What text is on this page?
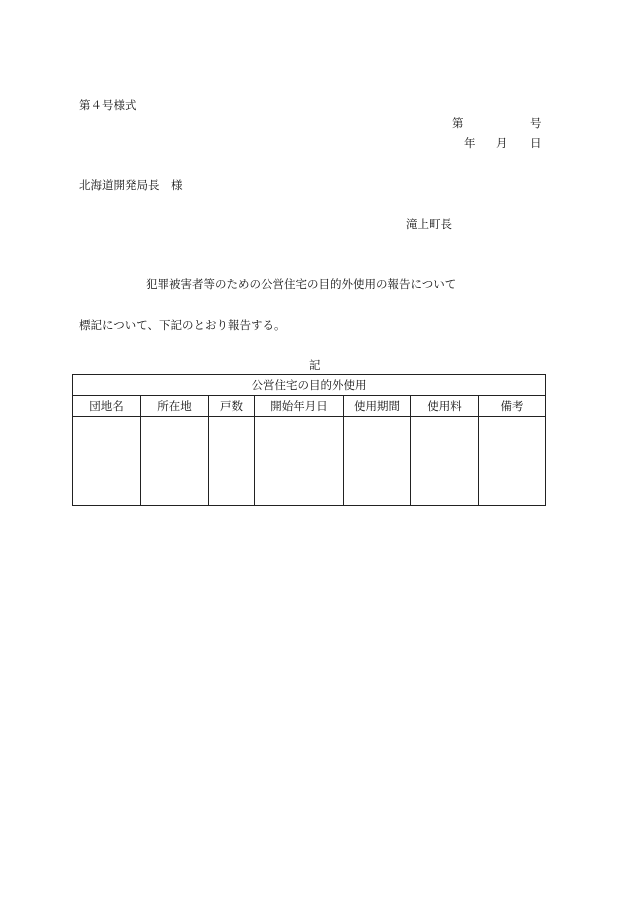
第４号様式
第	号
年 月 日
北海道開発局長　様
滝上町長
犯罪被害者等のための公営住宅の目的外使用の報告について
標記について、下記のとおり報告する。
記
公営住宅の目的外使用						
団地名	所在地	戸数	開始年月日	使用期間	使用料	備考
